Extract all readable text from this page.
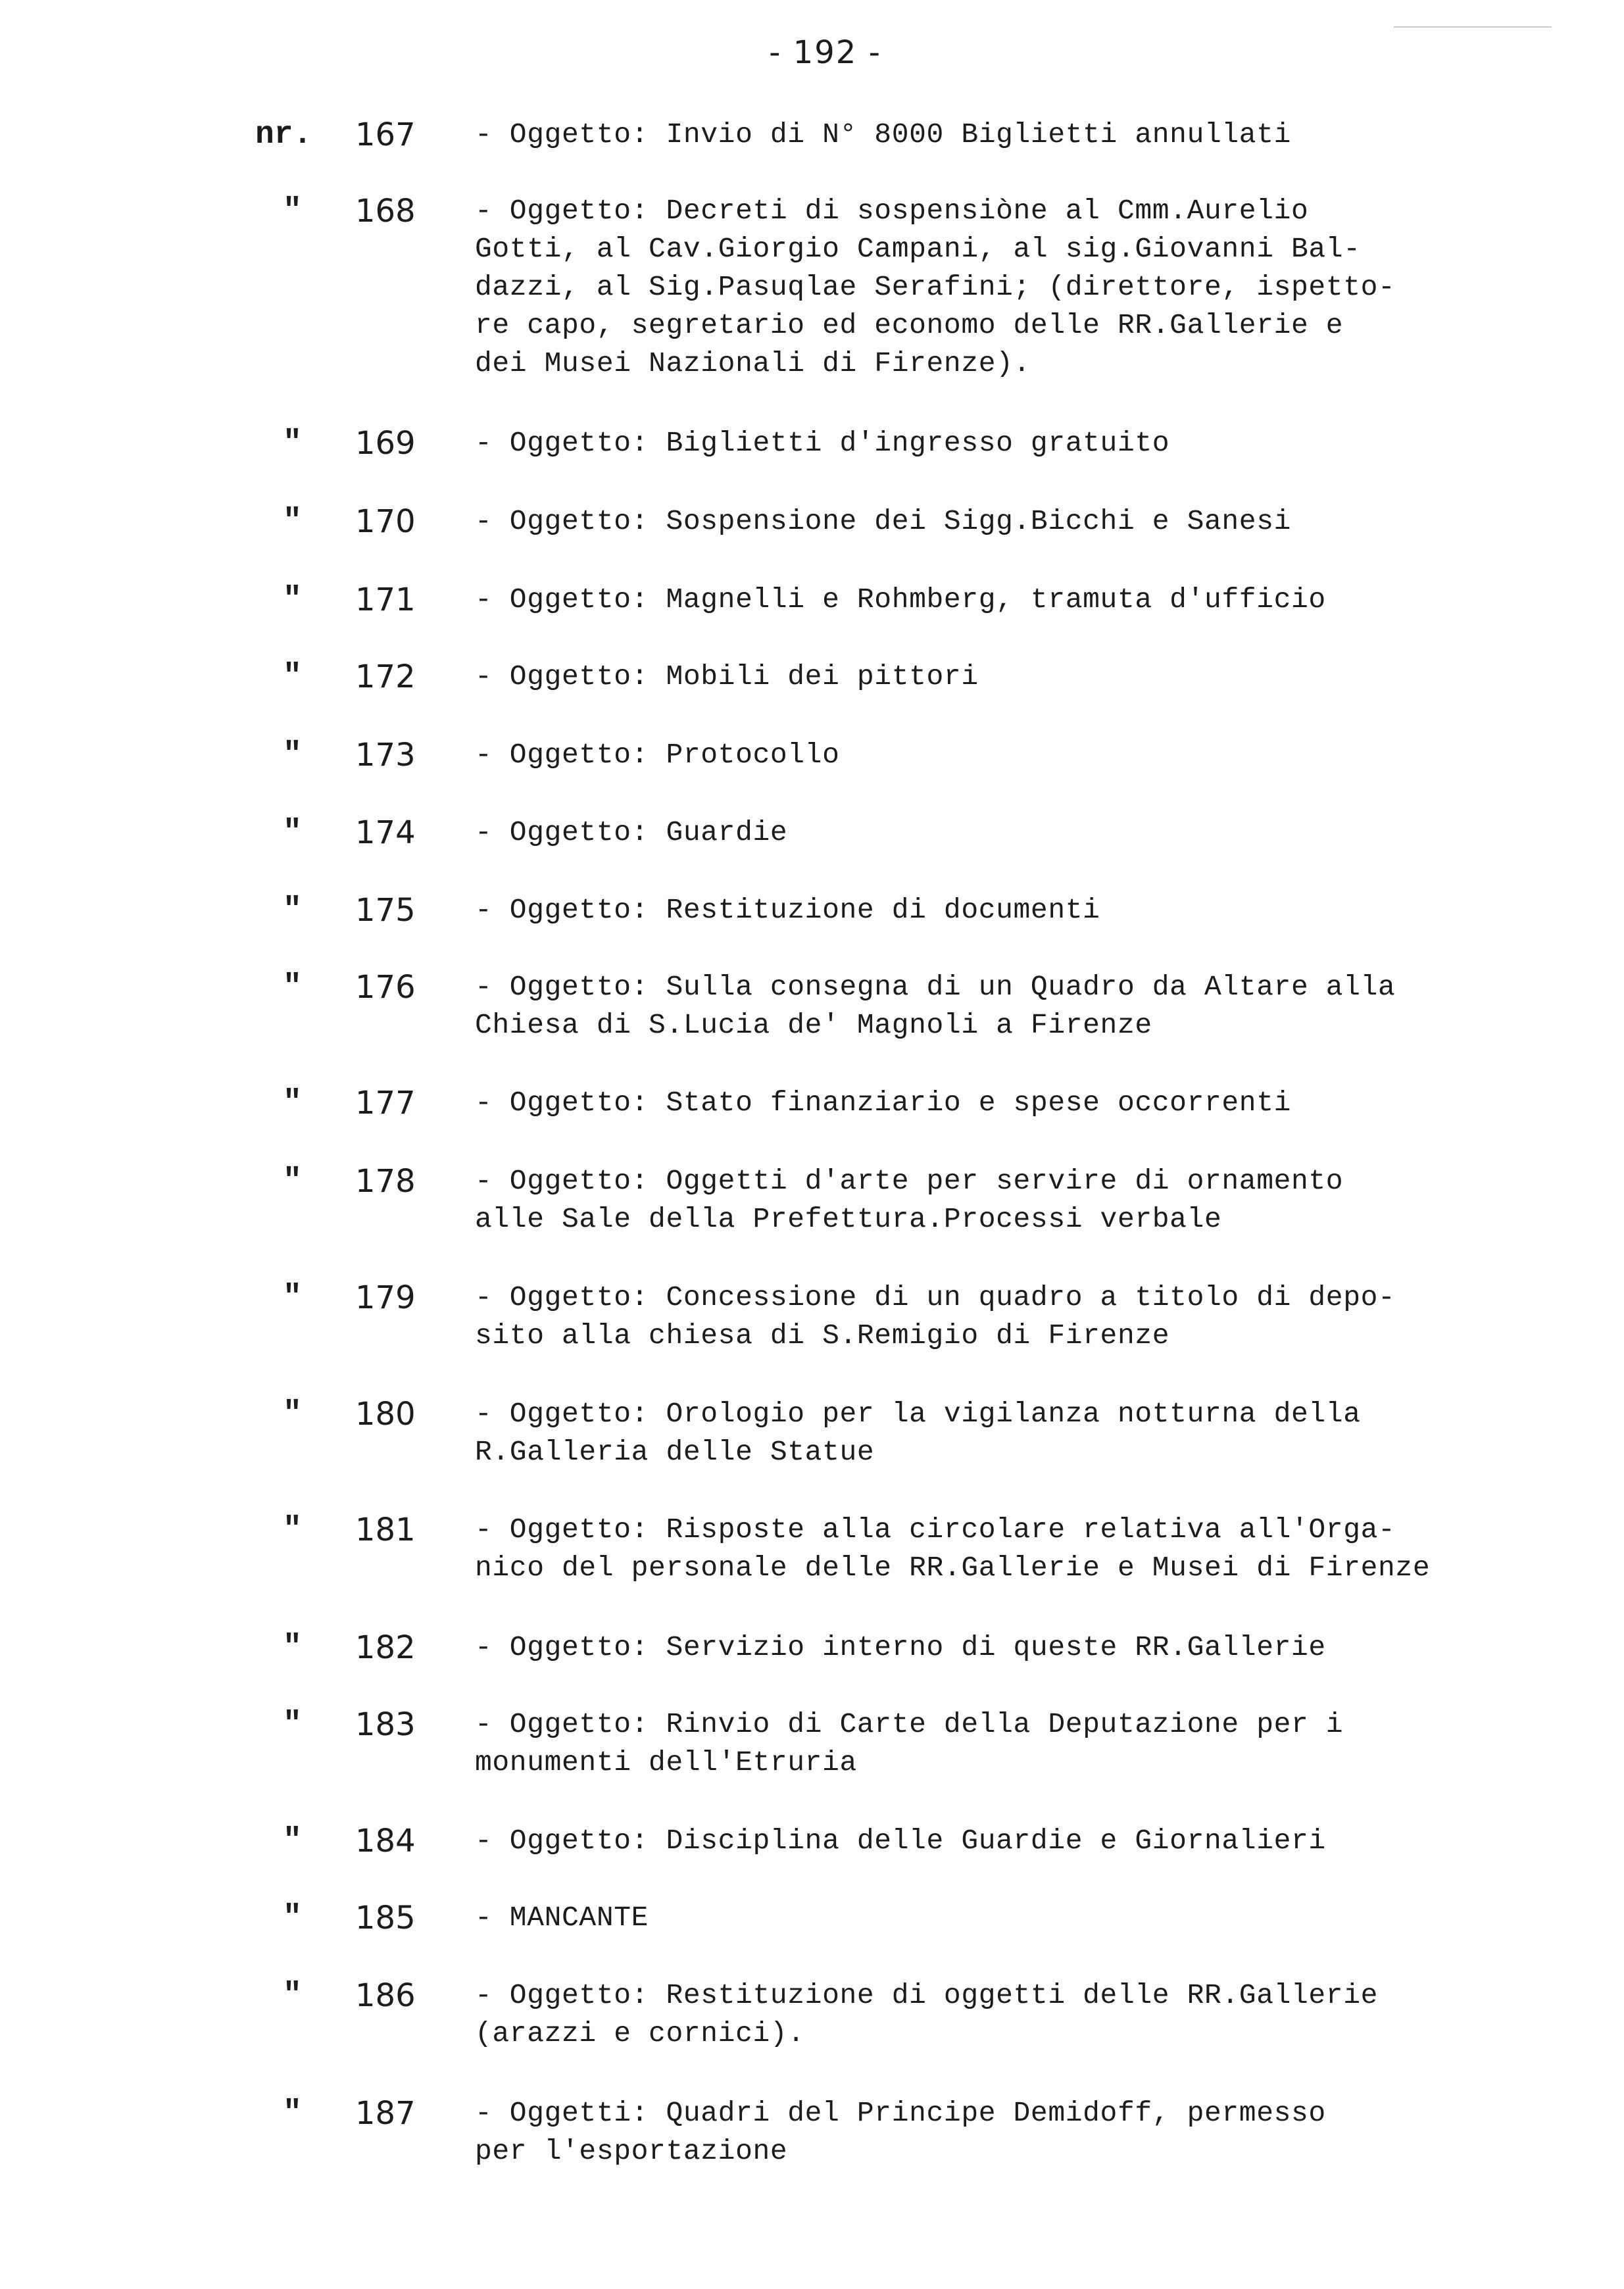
- 192 -
nr. 167 - Oggetto: Invio di N° 8000 Biglietti annullati
" 168 - Oggetto: Decreti di sospensiòne al Cmm.Aurelio
Gotti, al Cav.Giorgio Campani, al sig.Giovanni Bal-
dazzi, al Sig.Pasuqlae Serafini; (direttore, ispetto-
re capo, segretario ed economo delle RR.Gallerie e
dei Musei Nazionali di Firenze).
" 169 - Oggetto: Biglietti d'ingresso gratuito
" 170 - Oggetto: Sospensione dei Sigg.Bicchi e Sanesi
" 171 - Oggetto: Magnelli e Rohmberg, tramuta d'ufficio
" 172 - Oggetto: Mobili dei pittori
" 173 - Oggetto: Protocollo
" 174 - Oggetto: Guardie
" 175 - Oggetto: Restituzione di documenti
" 176 - Oggetto: Sulla consegna di un Quadro da Altare alla
Chiesa di S.Lucia de' Magnoli a Firenze
" 177 - Oggetto: Stato finanziario e spese occorrenti
" 178 - Oggetto: Oggetti d'arte per servire di ornamento
alle Sale della Prefettura.Processi verbale
" 179 - Oggetto: Concessione di un quadro a titolo di depo-
sito alla chiesa di S.Remigio di Firenze
" 180 - Oggetto: Orologio per la vigilanza notturna della
R.Galleria delle Statue
" 181 - Oggetto: Risposte alla circolare relativa all'Orga-
nico del personale delle RR.Gallerie e Musei di Firenze
" 182 - Oggetto: Servizio interno di queste RR.Gallerie
" 183 - Oggetto: Rinvio di Carte della Deputazione per i
monumenti dell'Etruria
" 184 - Oggetto: Disciplina delle Guardie e Giornalieri
" 185 - MANCANTE
" 186 - Oggetto: Restituzione di oggetti delle RR.Gallerie
(arazzi e cornici).
" 187 - Oggetti: Quadri del Principe Demidoff, permesso
per l'esportazione
